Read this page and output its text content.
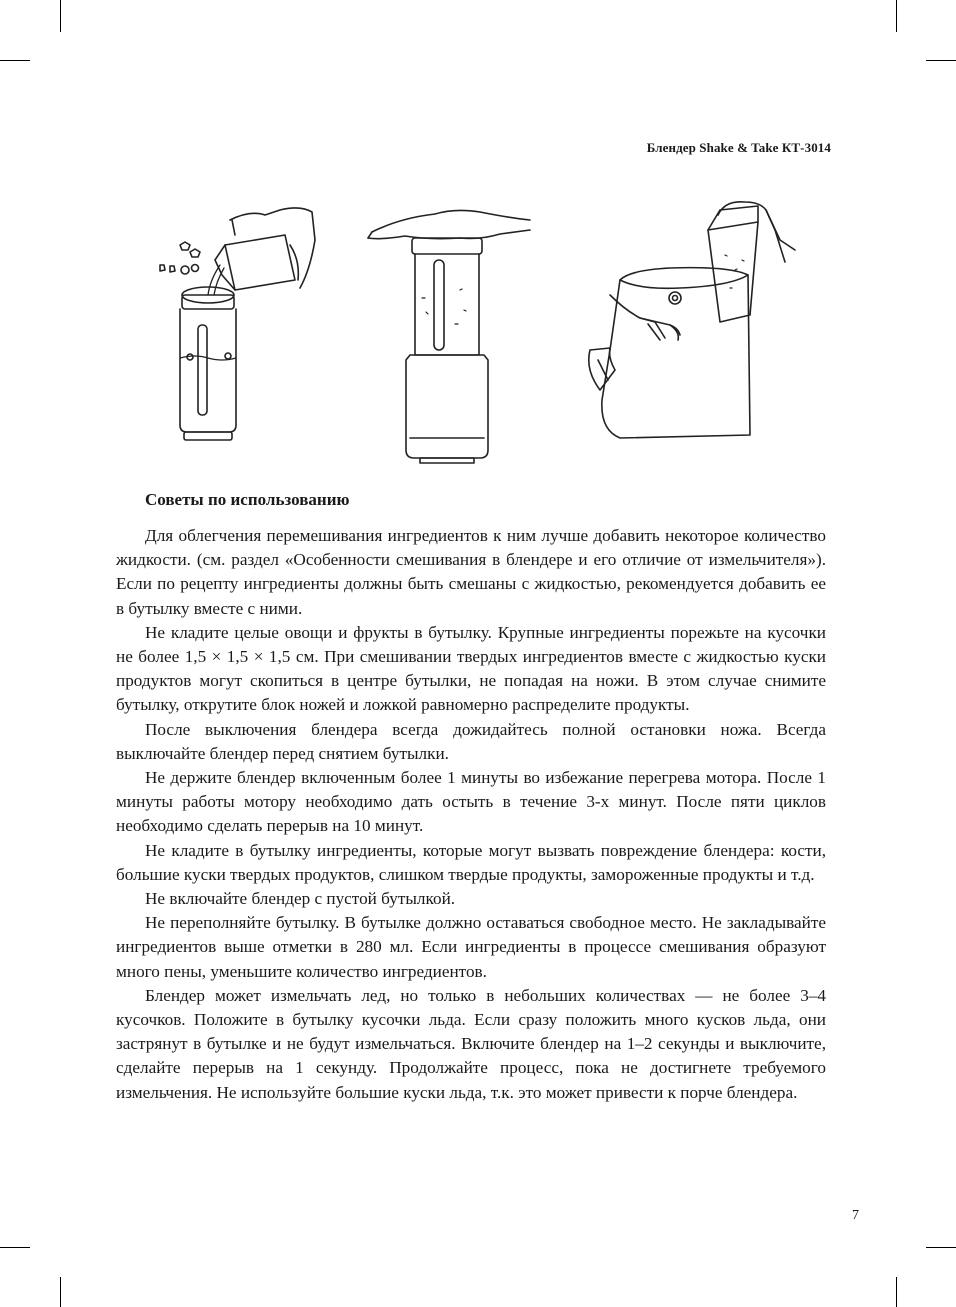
Блендер Shake & Take КТ-3014
Советы по использованию

Для облегчения перемешивания ингредиентов к ним лучше добавить некоторое количество жидкости. (см. раздел «Особенности смешивания в блендере и его отличие от измельчителя»). Если по рецепту ингредиенты должны быть смешаны с жидкостью, рекомендуется добавить ее в бутылку вместе с ними.

Не кладите целые овощи и фрукты в бутылку. Крупные ингредиенты порежьте на кусочки не более 1,5 × 1,5 × 1,5 см. При смешивании твердых ингредиентов вместе с жидкостью куски продуктов могут скопиться в центре бутылки, не попадая на ножи. В этом случае снимите бутылку, открутите блок ножей и ложкой равномерно распределите продукты.

После выключения блендера всегда дожидайтесь полной остановки ножа. Всегда выключайте блендер перед снятием бутылки.

Не держите блендер включенным более 1 минуты во избежание перегрева мотора. После 1 минуты работы мотору необходимо дать остыть в течение 3-х минут. После пяти циклов необходимо сделать перерыв на 10 минут.

Не кладите в бутылку ингредиенты, которые могут вызвать повреждение блендера: кости, большие куски твердых продуктов, слишком твердые продукты, замороженные продукты и т.д.

Не включайте блендер с пустой бутылкой.

Не переполняйте бутылку. В бутылке должно оставаться свободное место. Не закладывайте ингредиентов выше отметки в 280 мл. Если ингредиенты в процессе смешивания образуют много пены, уменьшите количество ингредиентов.

Блендер может измельчать лед, но только в небольших количествах — не более 3–4 кусочков. Положите в бутылку кусочки льда. Если сразу положить много кусков льда, они застрянут в бутылке и не будут измельчаться. Включите блендер на 1–2 секунды и выключите, сделайте перерыв на 1 секунду. Продолжайте процесс, пока не достигнете требуемого измельчения. Не используйте большие куски льда, т.к. это может привести к порче блендера.

7
